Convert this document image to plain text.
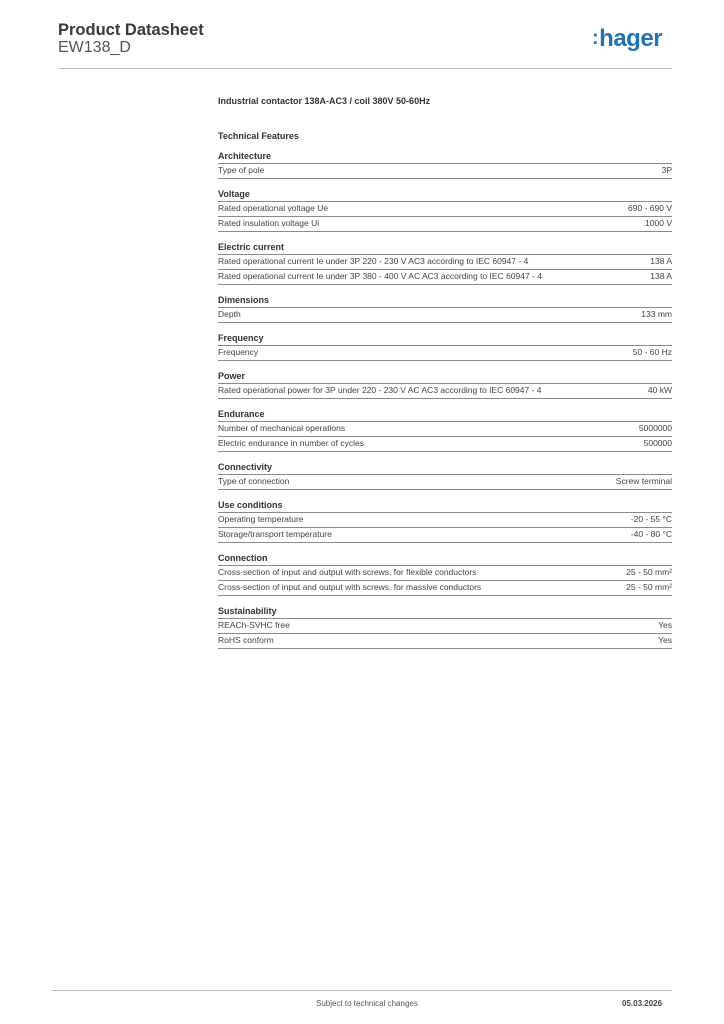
Product Datasheet
EW138_D	:hager
Industrial contactor 138A-AC3 / coil 380V 50-60Hz
Technical Features
Architecture
Type of pole	3P
Voltage
Rated operational voltage Ue	690 - 690 V
Rated insulation voltage Ui	1000 V
Electric current
Rated operational current Ie under 3P 220 - 230 V AC3 according to IEC 60947 - 4	138 A
Rated operational current Ie under 3P 380 - 400 V AC AC3 according to IEC 60947 - 4	138 A
Dimensions
Depth	133 mm
Frequency
Frequency	50 - 60 Hz
Power
Rated operational power for 3P under 220 - 230 V AC AC3 according to IEC 60947 - 4	40 kW
Endurance
Number of mechanical operations	5000000
Electric endurance in number of cycles	500000
Connectivity
Type of connection	Screw terminal
Use conditions
Operating temperature	-20 - 55 °C
Storage/transport temperature	-40 - 80 °C
Connection
Cross-section of input and output with screws, for flexible conductors	25 - 50 mm²
Cross-section of input and output with screws, for massive conductors	25 - 50 mm²
Sustainability
REACh-SVHC free	Yes
RoHS conform	Yes
Subject to technical changes	05.03.2026
